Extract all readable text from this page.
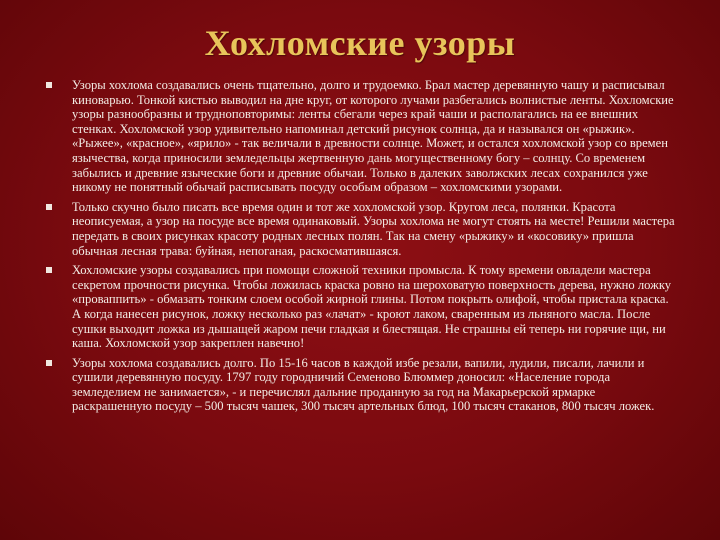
Хохломские узоры
Узоры хохлома создавались очень тщательно, долго и трудоемко. Брал мастер деревянную чашу и расписывал киноварью. Тонкой кистью выводил на дне круг, от которого лучами разбегались волнистые ленты. Хохломские узоры разнообразны и трудноповторимы: ленты сбегали через край чаши и располагались на ее внешних стенках. Хохломской узор удивительно напоминал детский рисунок солнца, да и назывался он «рыжик». «Рыжее», «красное», «ярило» - так величали в древности солнце. Может, и остался хохломской узор со времен язычества, когда приносили земледельцы жертвенную дань могущественному богу – солнцу. Со временем забылись и древние языческие боги и древние обычаи. Только в далеких заволжских лесах сохранился уже никому не понятный обычай расписывать посуду особым образом – хохломскими узорами.
Только скучно было писать все время один и тот же хохломской узор. Кругом леса, полянки. Красота неописуемая, а узор на посуде все время одинаковый. Узоры хохлома не могут стоять на месте! Решили мастера передать в своих рисунках красоту родных лесных полян. Так на смену «рыжику» и «косовику» пришла обычная лесная трава: буйная, непоганая, раскосматившаяся.
Хохломские узоры создавались при помощи сложной техники промысла. К тому времени овладели мастера секретом прочности рисунка. Чтобы ложилась краска ровно на шероховатую поверхность дерева, нужно ложку «проваппить» - обмазать тонким слоем особой жирной глины. Потом покрыть олифой, чтобы пристала краска. А когда нанесен рисунок, ложку несколько раз «лачат» - кроют лаком, сваренным из льняного масла. После сушки выходит ложка из дышащей жаром печи гладкая и блестящая. Не страшны ей теперь ни горячие щи, ни каша. Хохломской узор закреплен навечно!
Узоры хохлома создавались долго. По 15-16 часов в каждой избе резали, вапили, лудили, писали, лачили и сушили деревянную посуду. 1797 году городничий Семеново Блюммер доносил: «Население города земледелием не занимается», - и перечислял дальние проданную за год на Макарьерской ярмарке раскрашенную посуду – 500 тысяч чашек, 300 тысяч артельных блюд, 100 тысяч стаканов, 800 тысяч ложек.
